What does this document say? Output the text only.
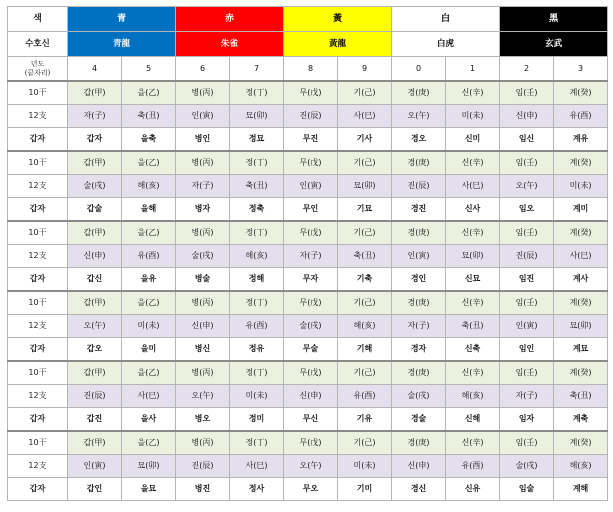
색	青		赤		黃		白		黑	
수호신	靑龍		朱雀		黃龍		白虎		玄武	
년도
(끝자리)	4	5	6	7	8	9	0	1	2	3
10干	갑(甲)	을(乙)	병(丙)	정(丁)	무(戊)	기(己)	경(庚)	신(辛)	임(壬)	계(癸)
12支	자(子)	축(丑)	인(寅)	묘(卯)	진(辰)	사(巳)	오(午)	미(未)	신(申)	유(酉)
갑자	갑자	을축	병인	정묘	무진	기사	경오	신미	임신	계유
10干	갑(甲)	을(乙)	병(丙)	정(丁)	무(戊)	기(己)	경(庚)	신(辛)	임(壬)	계(癸)
12支	술(戌)	해(亥)	자(子)	축(丑)	인(寅)	묘(卯)	진(辰)	사(巳)	오(午)	미(未)
갑자	갑술	을해	병자	정축	무인	기묘	경진	신사	임오	계미
10干	갑(甲)	을(乙)	병(丙)	정(丁)	무(戊)	기(己)	경(庚)	신(辛)	임(壬)	계(癸)
12支	신(申)	유(酉)	술(戌)	해(亥)	자(子)	축(丑)	인(寅)	묘(卯)	진(辰)	사(巳)
갑자	갑신	을유	병술	정해	무자	기축	경인	신묘	임진	계사
10干	갑(甲)	을(乙)	병(丙)	정(丁)	무(戊)	기(己)	경(庚)	신(辛)	임(壬)	계(癸)
12支	오(午)	미(未)	신(申)	유(酉)	술(戌)	해(亥)	자(子)	축(丑)	인(寅)	묘(卯)
갑자	갑오	을미	병신	정유	무술	기해	경자	신축	임인	계묘
10干	갑(甲)	을(乙)	병(丙)	정(丁)	무(戊)	기(己)	경(庚)	신(辛)	임(壬)	계(癸)
12支	진(辰)	사(巳)	오(午)	미(未)	신(申)	유(酉)	술(戌)	해(亥)	자(子)	축(丑)
갑자	갑진	을사	병오	정미	무신	기유	경술	신해	임자	계축
10干	갑(甲)	을(乙)	병(丙)	정(丁)	무(戊)	기(己)	경(庚)	신(辛)	임(壬)	계(癸)
12支	인(寅)	묘(卯)	진(辰)	사(巳)	오(午)	미(未)	신(申)	유(酉)	술(戌)	해(亥)
갑자	갑인	을묘	병진	정사	무오	기미	경신	신유	임술	계해
